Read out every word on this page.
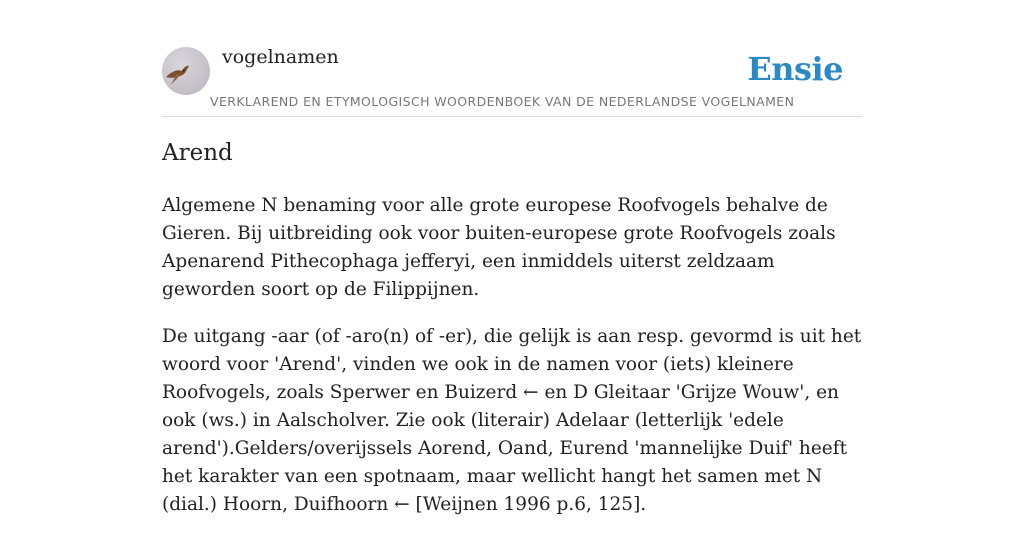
vogelnamen	Ensie
VERKLAREND EN ETYMOLOGISCH WOORDENBOEK VAN DE NEDERLANDSE VOGELNAMEN
Arend

Algemene N benaming voor alle grote europese Roofvogels behalve de Gieren. Bij uitbreiding ook voor buiten-europese grote Roofvogels zoals Apenarend Pithecophaga jefferyi, een inmiddels uiterst zeldzaam geworden soort op de Filippijnen.

De uitgang -aar (of -aro(n) of -er), die gelijk is aan resp. gevormd is uit het woord voor 'Arend', vinden we ook in de namen voor (iets) kleinere Roofvogels, zoals Sperwer en Buizerd ← en D Gleitaar 'Grijze Wouw', en ook (ws.) in Aalscholver. Zie ook (literair) Adelaar (letterlijk 'edele arend').Gelders/overijssels Aorend, Oand, Eurend 'mannelijke Duif' heeft het karakter van een spotnaam, maar wellicht hangt het samen met N (dial.) Hoorn, Duifhoorn ← [Weijnen 1996 p.6, 125].
